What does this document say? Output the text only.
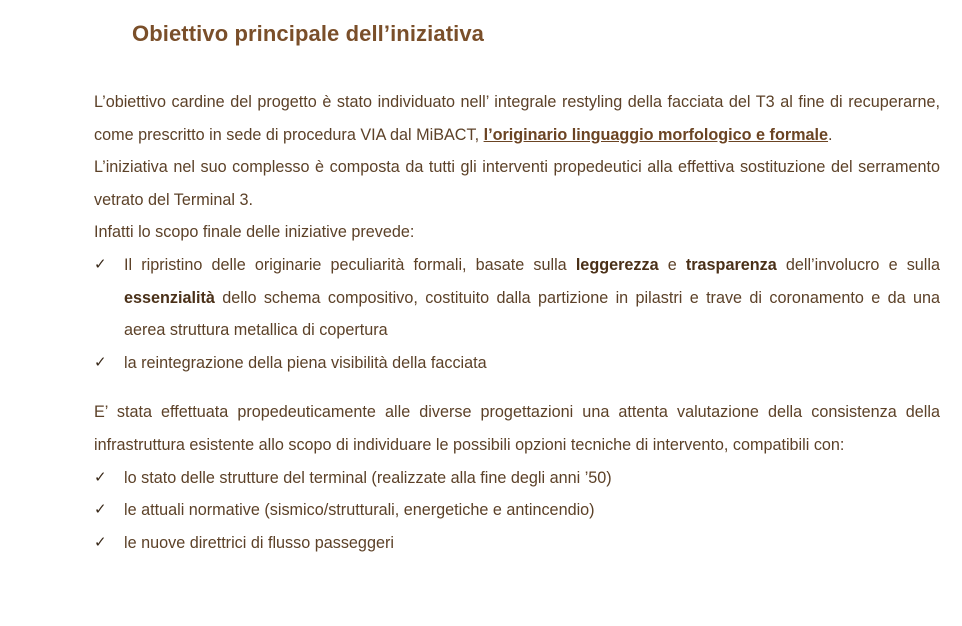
Obiettivo principale dell’iniziativa

L’obiettivo cardine del progetto è stato individuato nell’ integrale restyling della facciata del T3 al fine di recuperarne, come prescritto in sede di procedura VIA dal MiBACT, l’originario linguaggio morfologico e formale.

L’iniziativa nel suo complesso è composta da tutti gli interventi propedeutici alla effettiva sostituzione del serramento vetrato del Terminal 3.

Infatti lo scopo finale delle iniziative prevede:

✓	Il ripristino delle originarie peculiarità formali, basate sulla leggerezza e trasparenza dell’involucro e sulla essenzialità dello schema compositivo, costituito dalla partizione in pilastri e trave di coronamento e da una aerea struttura metallica di copertura
✓	la reintegrazione della piena visibilità della facciata

E’ stata effettuata propedeuticamente alle diverse progettazioni una attenta valutazione della consistenza della infrastruttura esistente allo scopo di individuare le possibili opzioni tecniche di intervento, compatibili con:

✓	lo stato delle strutture del terminal (realizzate alla fine degli anni ’50)
✓	le attuali normative (sismico/strutturali, energetiche e antincendio)
✓	le nuove direttrici di flusso passeggeri
